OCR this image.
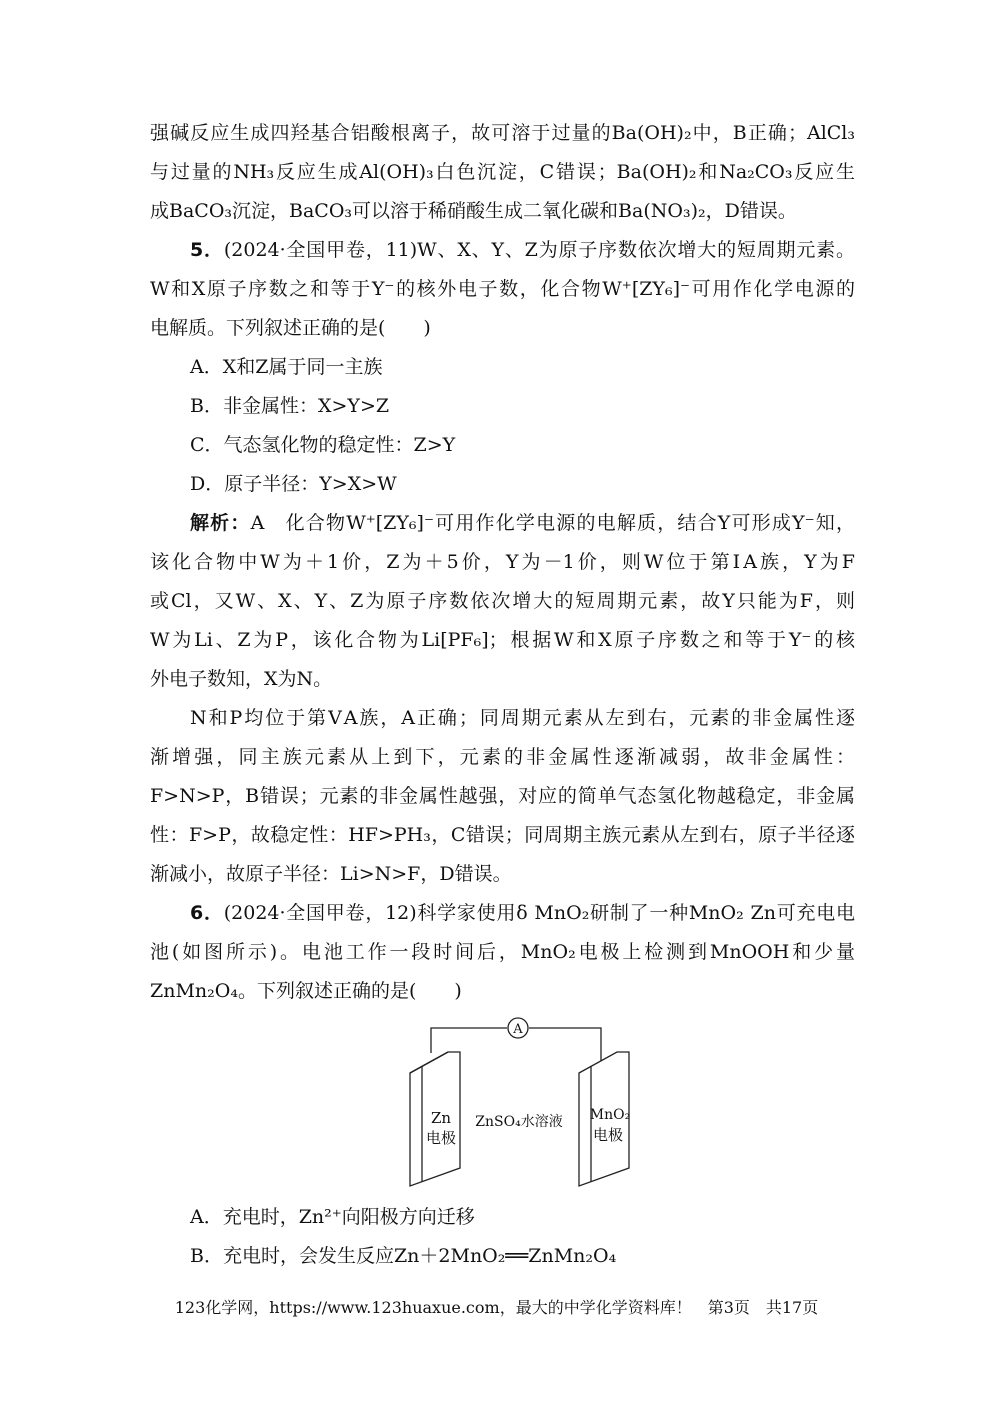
强碱反应生成四羟基合铝酸根离子，故可溶于过量的Ba(OH)₂中，B正确；AlCl₃
与过量的NH₃反应生成Al(OH)₃白色沉淀，C错误；Ba(OH)₂和Na₂CO₃反应生
成BaCO₃沉淀，BaCO₃可以溶于稀硝酸生成二氧化碳和Ba(NO₃)₂，D错误。
5．(2024·全国甲卷，11)W、X、Y、Z为原子序数依次增大的短周期元素。
W和X原子序数之和等于Y⁻的核外电子数，化合物W⁺[ZY₆]⁻可用作化学电源的
电解质。下列叙述正确的是(　　)
A．X和Z属于同一主族
B．非金属性：X>Y>Z
C．气态氢化物的稳定性：Z>Y
D．原子半径：Y>X>W
解析：A　化合物W⁺[ZY₆]⁻可用作化学电源的电解质，结合Y可形成Y⁻知，
该化合物中W为＋1价，Z为＋5价，Y为－1价，则W位于第ⅠA族，Y为F
或Cl，又W、X、Y、Z为原子序数依次增大的短周期元素，故Y只能为F，则
W为Li、Z为P，该化合物为Li[PF₆]；根据W和X原子序数之和等于Y⁻的核
外电子数知，X为N。
N和P均位于第ⅤA族，A正确；同周期元素从左到右，元素的非金属性逐
渐增强，同主族元素从上到下，元素的非金属性逐渐减弱，故非金属性：
F>N>P，B错误；元素的非金属性越强，对应的简单气态氢化物越稳定，非金属
性：F>P，故稳定性：HF>PH₃，C错误；同周期主族元素从左到右，原子半径逐
渐减小，故原子半径：Li>N>F，D错误。
6．(2024·全国甲卷，12)科学家使用δ MnO₂研制了一种MnO₂ Zn可充电电
池(如图所示)。电池工作一段时间后，MnO₂电极上检测到MnOOH和少量
ZnMn₂O₄。下列叙述正确的是(　　)
A
Zn
电极
ZnSO₄水溶液 MnO₂
电极
A．充电时，Zn²⁺向阳极方向迁移
B．充电时，会发生反应Zn＋2MnO₂══ZnMn₂O₄
123化学网，https://www.123huaxue.com，最大的中学化学资料库！　第3页　共17页
